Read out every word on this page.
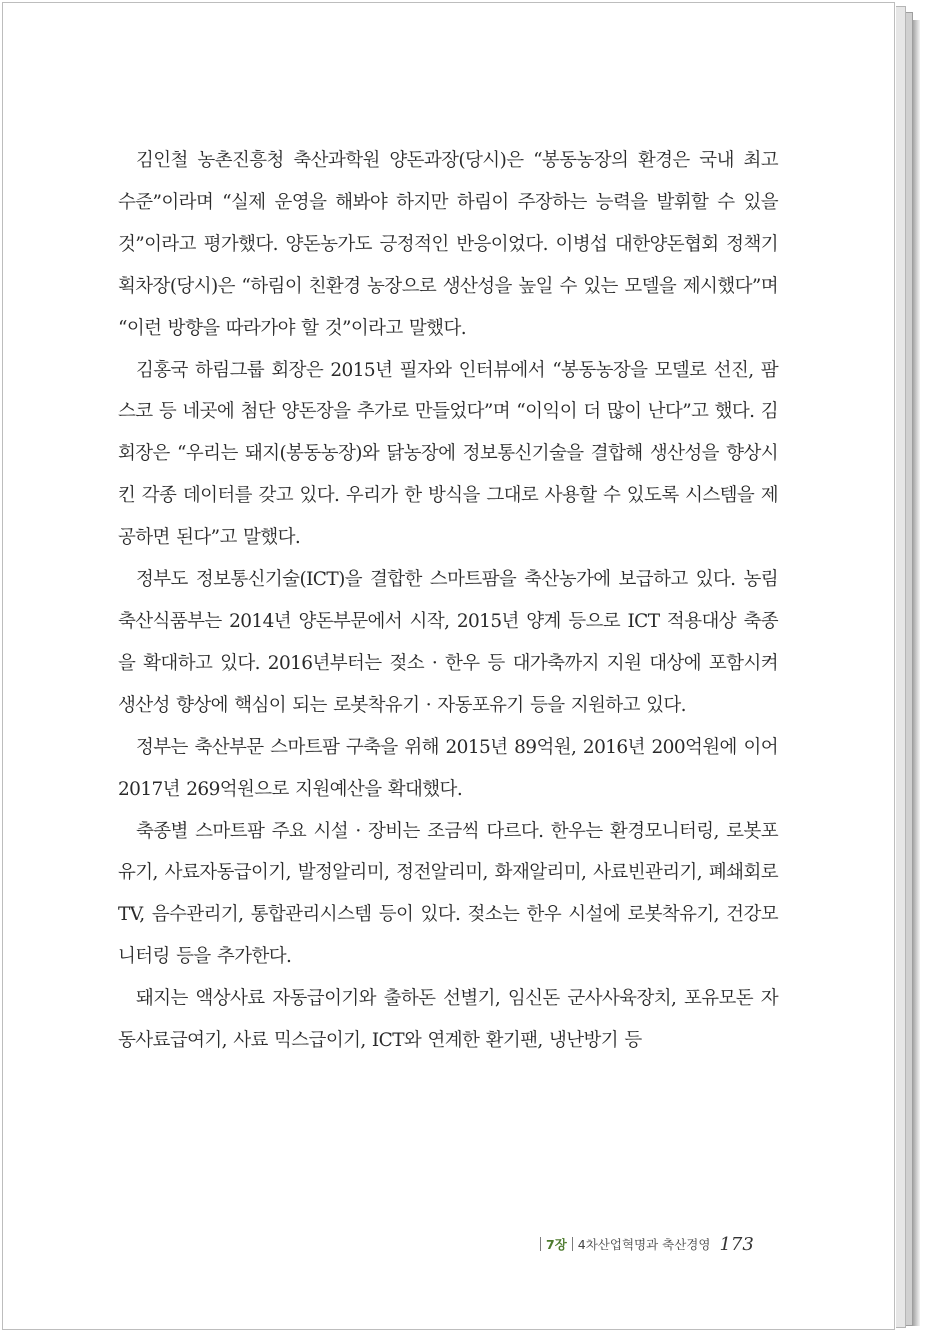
김인철 농촌진흥청 축산과학원 양돈과장(당시)은 “봉동농장의 환경은 국내 최고 수준”이라며 “실제 운영을 해봐야 하지만 하림이 주장하는 능력을 발휘할 수 있을 것”이라고 평가했다. 양돈농가도 긍정적인 반응이었다. 이병섭 대한양돈협회 정책기획차장(당시)은 “하림이 친환경 농장으로 생산성을 높일 수 있는 모델을 제시했다”며 “이런 방향을 따라가야 할 것”이라고 말했다.

김홍국 하림그룹 회장은 2015년 필자와 인터뷰에서 “봉동농장을 모델로 선진, 팜스코 등 네곳에 첨단 양돈장을 추가로 만들었다”며 “이익이 더 많이 난다”고 했다. 김 회장은 “우리는 돼지(봉동농장)와 닭농장에 정보통신기술을 결합해 생산성을 향상시킨 각종 데이터를 갖고 있다. 우리가 한 방식을 그대로 사용할 수 있도록 시스템을 제공하면 된다”고 말했다.

정부도 정보통신기술(ICT)을 결합한 스마트팜을 축산농가에 보급하고 있다. 농림축산식품부는 2014년 양돈부문에서 시작, 2015년 양계 등으로 ICT 적용대상 축종을 확대하고 있다. 2016년부터는 젖소 · 한우 등 대가축까지 지원 대상에 포함시켜 생산성 향상에 핵심이 되는 로봇착유기 · 자동포유기 등을 지원하고 있다.

정부는 축산부문 스마트팜 구축을 위해 2015년 89억원, 2016년 200억원에 이어 2017년 269억원으로 지원예산을 확대했다.

축종별 스마트팜 주요 시설 · 장비는 조금씩 다르다. 한우는 환경모니터링, 로봇포유기, 사료자동급이기, 발정알리미, 정전알리미, 화재알리미, 사료빈관리기, 폐쇄회로TV, 음수관리기, 통합관리시스템 등이 있다. 젖소는 한우 시설에 로봇착유기, 건강모니터링 등을 추가한다.

돼지는 액상사료 자동급이기와 출하돈 선별기, 임신돈 군사사육장치, 포유모돈 자동사료급여기, 사료 믹스급이기, ICT와 연계한 환기팬, 냉난방기 등

7장 4차산업혁명과 축산경영 173
